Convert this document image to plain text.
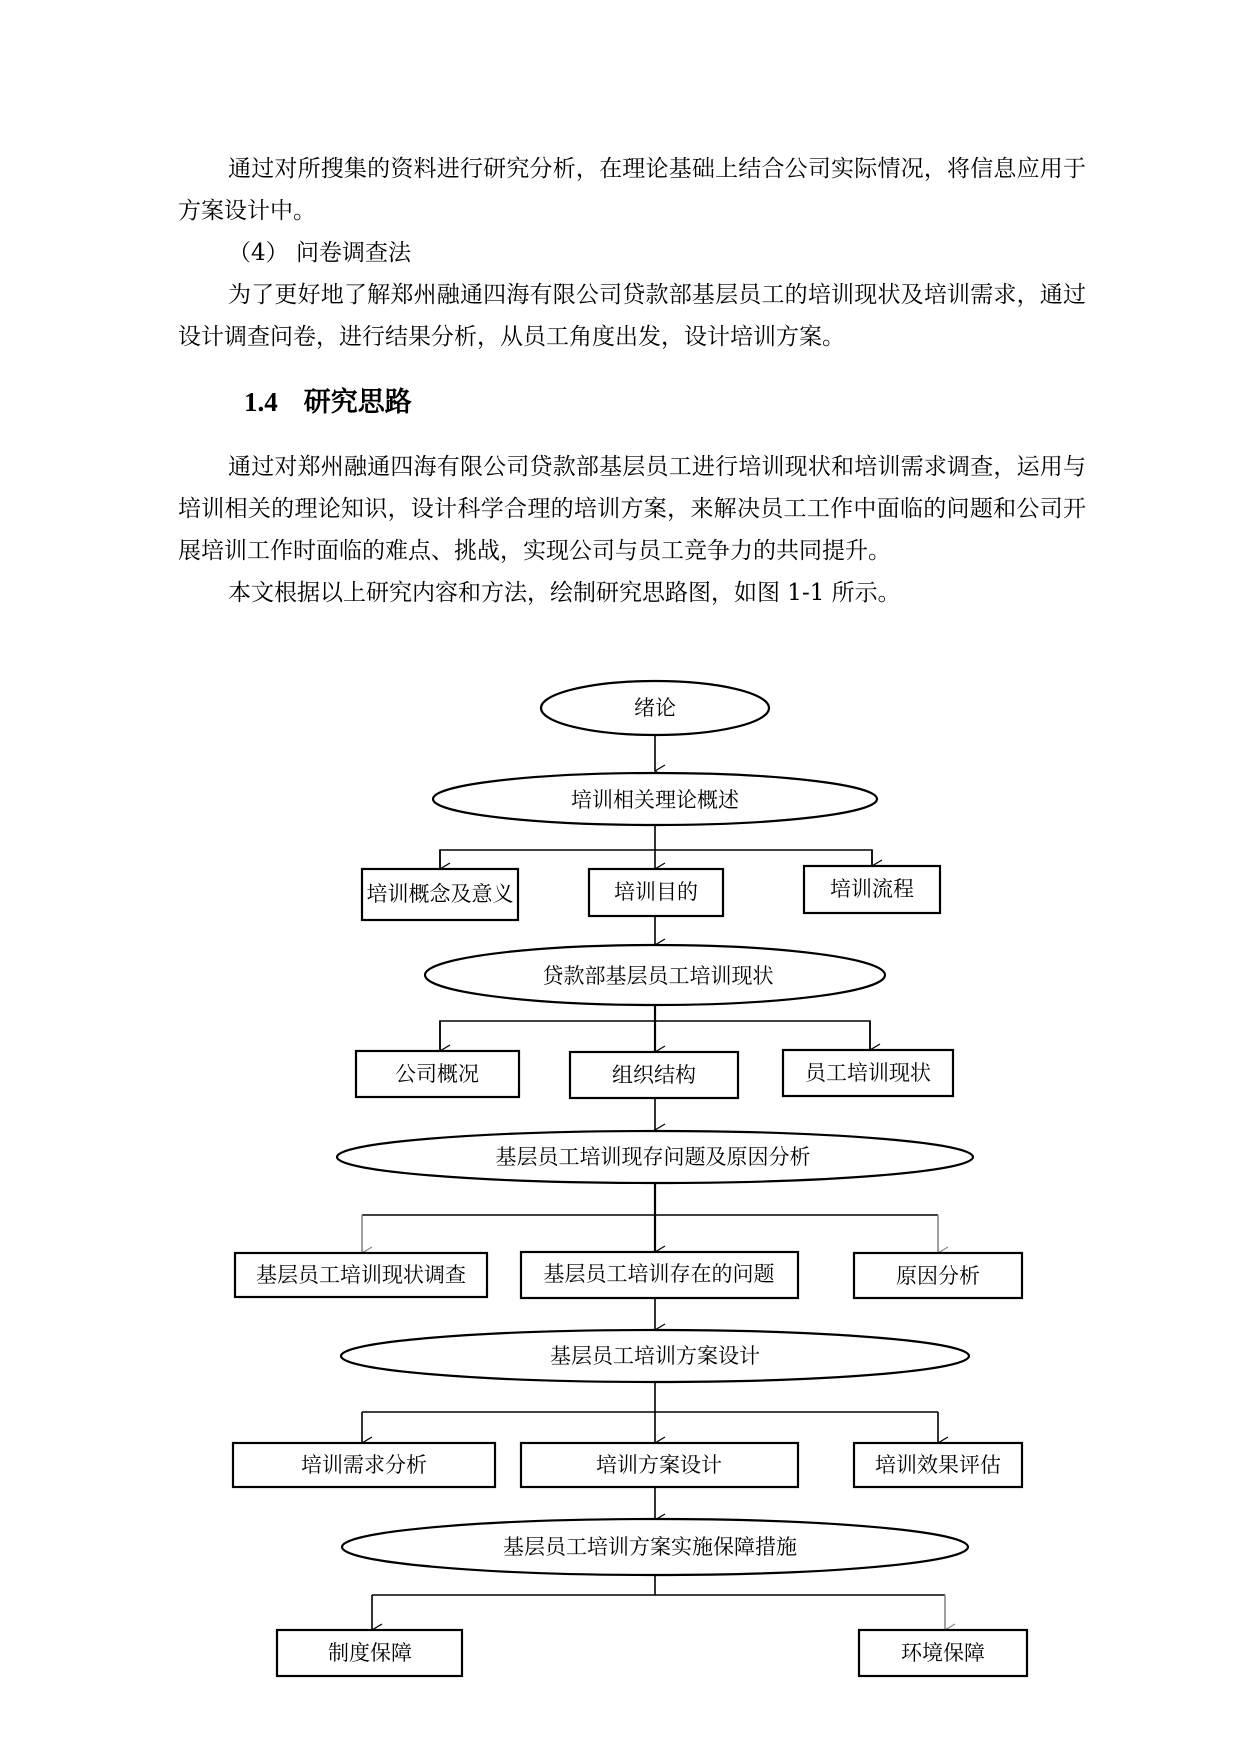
通过对所搜集的资料进行研究分析，在理论基础上结合公司实际情况，将信息应用于方案设计中。

（4） 问卷调查法

为了更好地了解郑州融通四海有限公司贷款部基层员工的培训现状及培训需求，通过设计调查问卷，进行结果分析，从员工角度出发，设计培训方案。

1.4 研究思路

通过对郑州融通四海有限公司贷款部基层员工进行培训现状和培训需求调查，运用与培训相关的理论知识，设计科学合理的培训方案，来解决员工工作中面临的问题和公司开展培训工作时面临的难点、挑战，实现公司与员工竞争力的共同提升。

本文根据以上研究内容和方法，绘制研究思路图，如图 1-1 所示。

绪论
培训相关理论概述
培训概念及意义	培训目的	培训流程
贷款部基层员工培训现状
公司概况	组织结构	员工培训现状
基层员工培训现存问题及原因分析
基层员工培训现状调查	基层员工培训存在的问题	原因分析
基层员工培训方案设计
培训需求分析	培训方案设计	培训效果评估
基层员工培训方案实施保障措施
制度保障	环境保障
